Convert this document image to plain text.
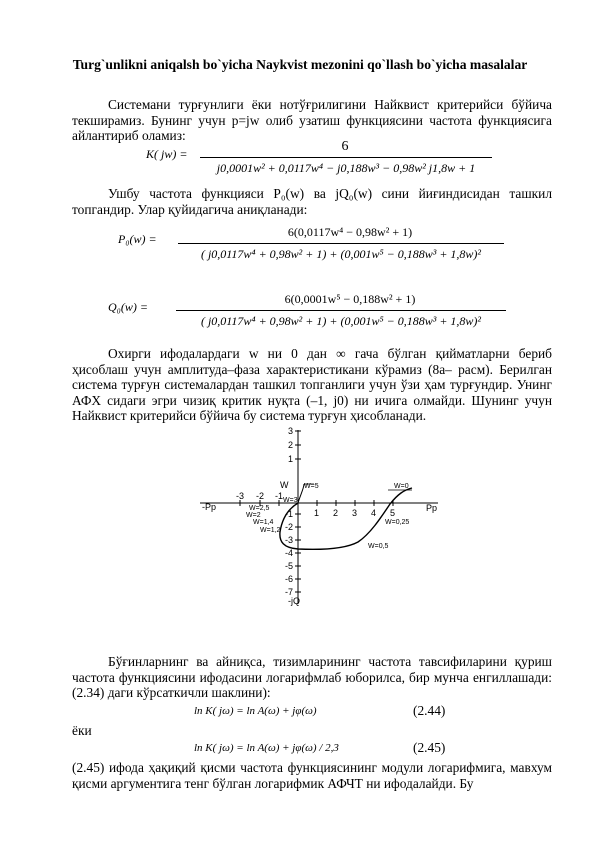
Turg`unlikni aniqalsh bo`yicha Naykvist mezonini qo`llash bo`yicha masalalar
Системани турғунлиги ёки нотўғрилигини Найквист критерийси бўйича текширамиз. Бунинг учун p=jw олиб узатиш функциясини частота функциясига айлантириб оламиз:
K( jw) =	6
j0,0001w² + 0,0117w⁴ − j0,188w³ − 0,98w² j1,8w + 1
Ушбу частота функцияси P₀(w) ва jQ₀(w) сини йиғиндисидан ташкил топгандир. Улар қуйидагича аниқланади:
P₀(w) =	6(0,0117w⁴ − 0,98w² + 1)
( j0,0117w⁴ + 0,98w² + 1) + (0,001w⁵ − 0,188w³ + 1,8w)²
Q₀(w) =
6(0,0001w⁵ − 0,188w² + 1)
( j0,0117w⁴ + 0,98w² + 1) + (0,001w⁵ − 0,188w³ + 1,8w)²
Охирги ифодалардаги w ни 0 дан ∞ гача бўлган қийматларни бериб ҳисоблаш учун амплитуда–фаза характеристикани кўрамиз (8а– расм). Берилган система турғун системалардан ташкил топганлиги учун ўзи ҳам турғундир. Унинг АФХ сидаги эгри чизиқ критик нуқта (–1, j0) ни ичига олмайди. Шунинг учун Найквист критерийси бўйича бу система турғун ҳисобланади.
-3 -2 -1
1 2 3 4 5
3
2
1
-1
-2
-3
-4
-5
-6
-7
-jQ
-Pp	Pp
W W=5	W=0
W=3
W=2,5
W=2
W=1,4
W=1,2
W=0,25
W=0,5
Бўғинларнинг ва айниқса, тизимларининг частота тавсифиларини қуриш частота функциясини ифодасини логарифмлаб юборилса, бир мунча енгиллашади: (2.34) даги кўрсаткичли шаклини):
ln K( jω) = ln A(ω) + jφ(ω)	(2.44)
ёки
ln K( jω) = ln A(ω) + jφ(ω) / 2,3	(2.45)
(2.45) ифода ҳақиқий қисми частота функциясининг модули логарифмига, мавхум қисми аргументига тенг бўлган логарифмик АФЧТ ни ифодалайди. Бу
